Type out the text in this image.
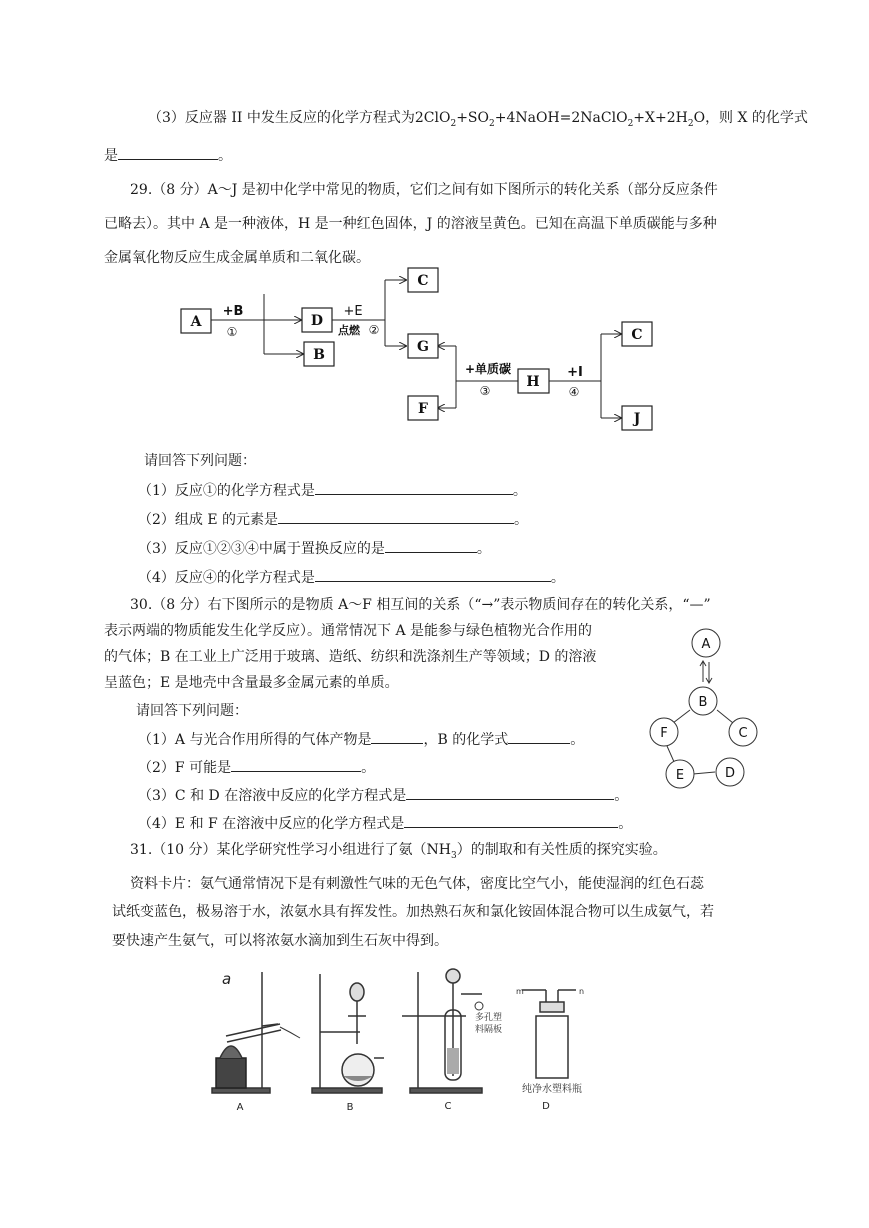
（3）反应器 II 中发生反应的化学方程式为$2ClO_2+SO_2+4NaOH=2NaClO_2+X+2H_2O$，则 X 的化学式
是	。
29.（8 分）A～J 是初中化学中常见的物质，它们之间有如下图所示的转化关系（部分反应条件
已略去）。其中 A 是一种液体，H 是一种红色固体，J 的溶液呈黄色。已知在高温下单质碳能与多种
金属氧化物反应生成金属单质和二氧化碳。
A	D
B
C
G
F
H
C
J
+B
①
+E
点燃 ②
+单质碳
③
+I
④
请回答下列问题：
（1）反应①的化学方程式是	。
（2）组成 E 的元素是	。
（3）反应①②③④中属于置换反应的是	。
（4）反应④的化学方程式是	。
30.（8 分）右下图所示的是物质 A～F 相互间的关系（“→”表示物质间存在的转化关系，“—”
表示两端的物质能发生化学反应）。通常情况下 A 是能参与绿色植物光合作用的
的气体；B 在工业上广泛用于玻璃、造纸、纺织和洗涤剂生产等领域；D 的溶液
呈蓝色；E 是地壳中含量最多金属元素的单质。
请回答下列问题：
（1）A 与光合作用所得的气体产物是	，B 的化学式	。
（2）F 可能是	。
（3）C 和 D 在溶液中反应的化学方程式是	。
（4）E 和 F 在溶液中反应的化学方程式是	。
A
B
F	C
E	D
31.（10 分）某化学研究性学习小组进行了氨$(NH_3)$的制取和有关性质的探究实验。
资料卡片：氨气通常情况下是有刺激性气味的无色气体，密度比空气小，能使湿润的红色石蕊
试纸变蓝色，极易溶于水，浓氨水具有挥发性。加热熟石灰和氯化铵固体混合物可以生成氨气，若
要快速产生氨气，可以将浓氨水滴加到生石灰中得到。
a
多孔塑
料隔板
m	n
纯净水塑料瓶
A	B	C	D
